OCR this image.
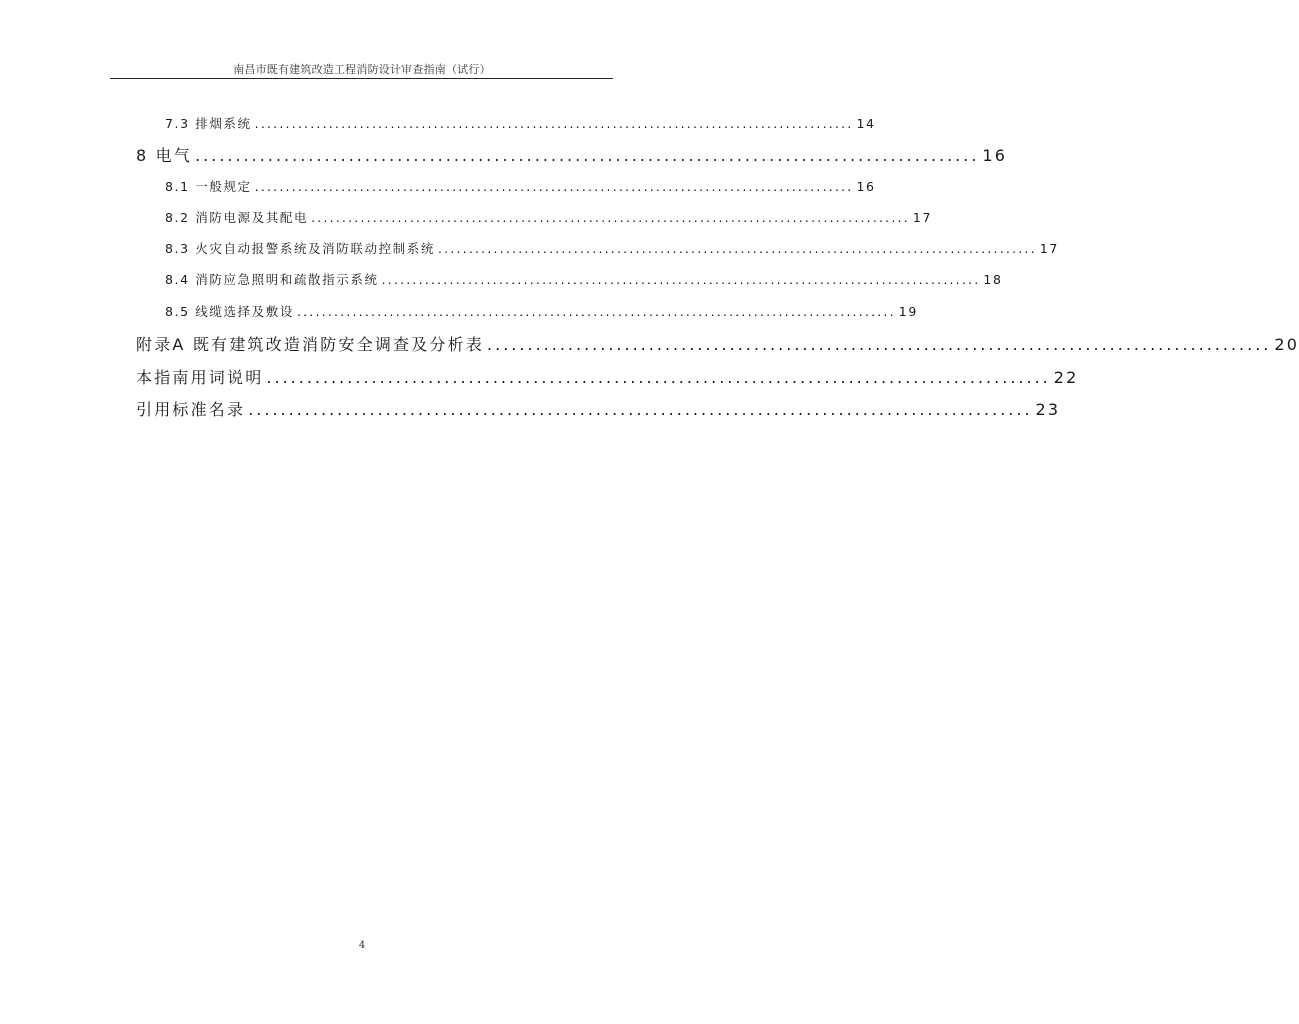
南昌市既有建筑改造工程消防设计审查指南（试行）
7.3 排烟系统 ................................................................................................. 14
8 电气 ................................................................................................. 16
8.1 一般规定 ................................................................................................. 16
8.2 消防电源及其配电 ................................................................................................. 17
8.3 火灾自动报警系统及消防联动控制系统 ................................................................................................. 17
8.4 消防应急照明和疏散指示系统 ................................................................................................. 18
8.5 线缆选择及敷设 ................................................................................................. 19
附录A 既有建筑改造消防安全调查及分析表 ................................................................................................. 20
本指南用词说明 ................................................................................................. 22
引用标准名录 ................................................................................................. 23
4
